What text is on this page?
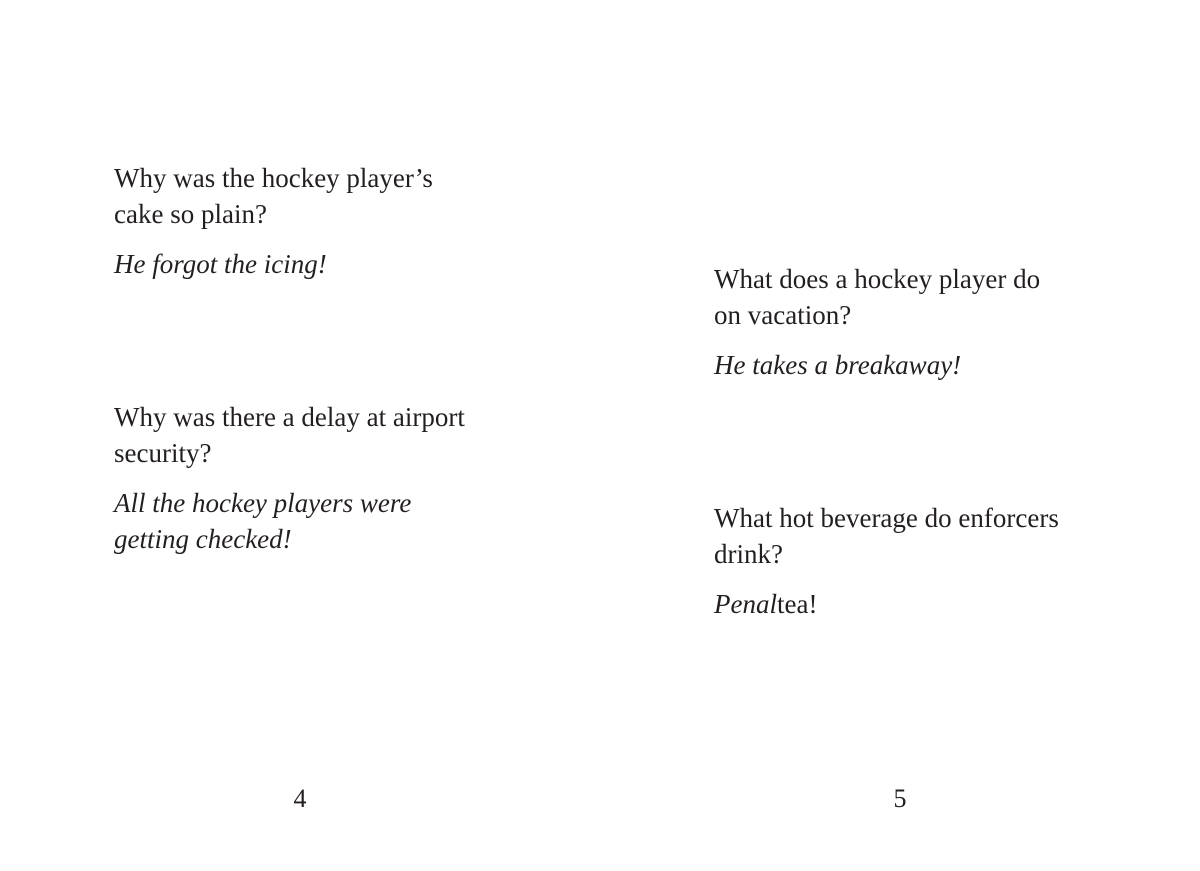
Why was the hockey player’s
cake so plain?

He forgot the icing!

Why was there a delay at airport
security?

All the hockey players were
getting checked!

4

What does a hockey player do
on vacation?

He takes a breakaway!

What hot beverage do enforcers
drink?

Penaltea!

5
